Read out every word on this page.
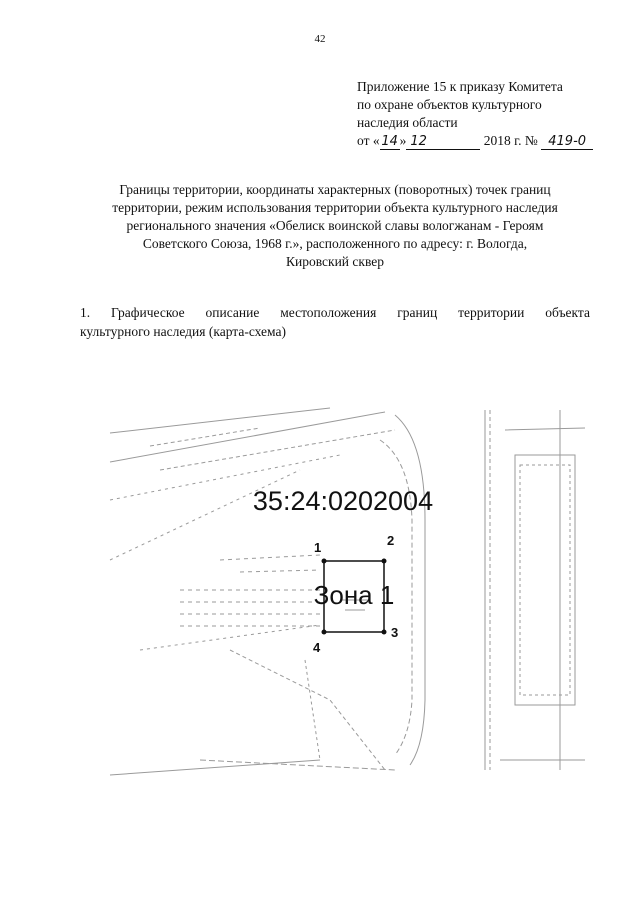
42
Приложение 15 к приказу Комитета
по охране объектов культурного
наследия области
от « 14 » 12	2018 г. № 419-0
Границы территории, координаты характерных (поворотных) точек границ
территории, режим использования территории объекта культурного наследия
регионального значения «Обелиск воинской славы вологжанам - Героям
Советского Союза, 1968 г.», расположенного по адресу: г. Вологда,
Кировский сквер
1. Графическое описание местоположения границ территории объекта
культурного наследия (карта-схема)
35:24:0202004
Зона 1
1	2
3
4
